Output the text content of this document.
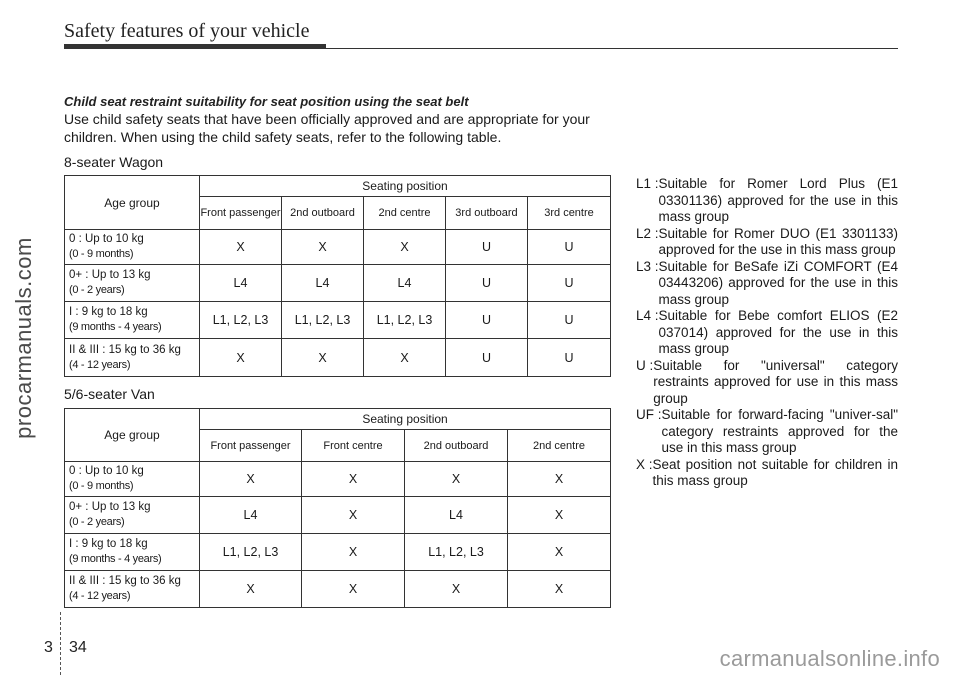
Safety features of your vehicle
procarmanuals.com
Child seat restraint suitability for seat position using the seat belt
Use child safety seats that have been officially approved and are appropriate for your children. When using the child safety seats, refer to the following table.
8-seater Wagon
Age group	Seating position				
	Front passenger	2nd outboard	2nd centre	3rd outboard	3rd centre

0 : Up to 10 kg
(0 - 9 months)	X	X	X	U	U

0+ : Up to 13 kg
(0 - 2 years)	L4	L4	L4	U	U

I : 9 kg to 18 kg
(9 months - 4 years)	L1, L2, L3	L1, L2, L3	L1, L2, L3	U	U

II & III : 15 kg to 36 kg
(4 - 12 years)	X	X	X	U	U
5/6-seater Van
Age group	Seating position			
	Front passenger	Front centre	2nd outboard	2nd centre

0 : Up to 10 kg
(0 - 9 months)	X	X	X	X

0+ : Up to 13 kg
(0 - 2 years)	L4	X	L4	X

I : 9 kg to 18 kg
(9 months - 4 years)	L1, L2, L3	X	L1, L2, L3	X

II & III : 15 kg to 36 kg
(4 - 12 years)	X	X	X	X
L1 : Suitable for Romer Lord Plus (E1 03301136) approved for the use in this mass group
L2 : Suitable for Romer DUO (E1 3301133) approved for the use in this mass group
L3 : Suitable for BeSafe iZi COMFORT (E4 03443206) approved for the use in this mass group
L4 : Suitable for Bebe comfort ELIOS (E2 037014) approved for the use in this mass group
U : Suitable for "universal" category restraints approved for use in this mass group
UF : Suitable for forward-facing "univer-sal" category restraints approved for the use in this mass group
X : Seat position not suitable for children in this mass group
3 34	carmanualsonline.info
